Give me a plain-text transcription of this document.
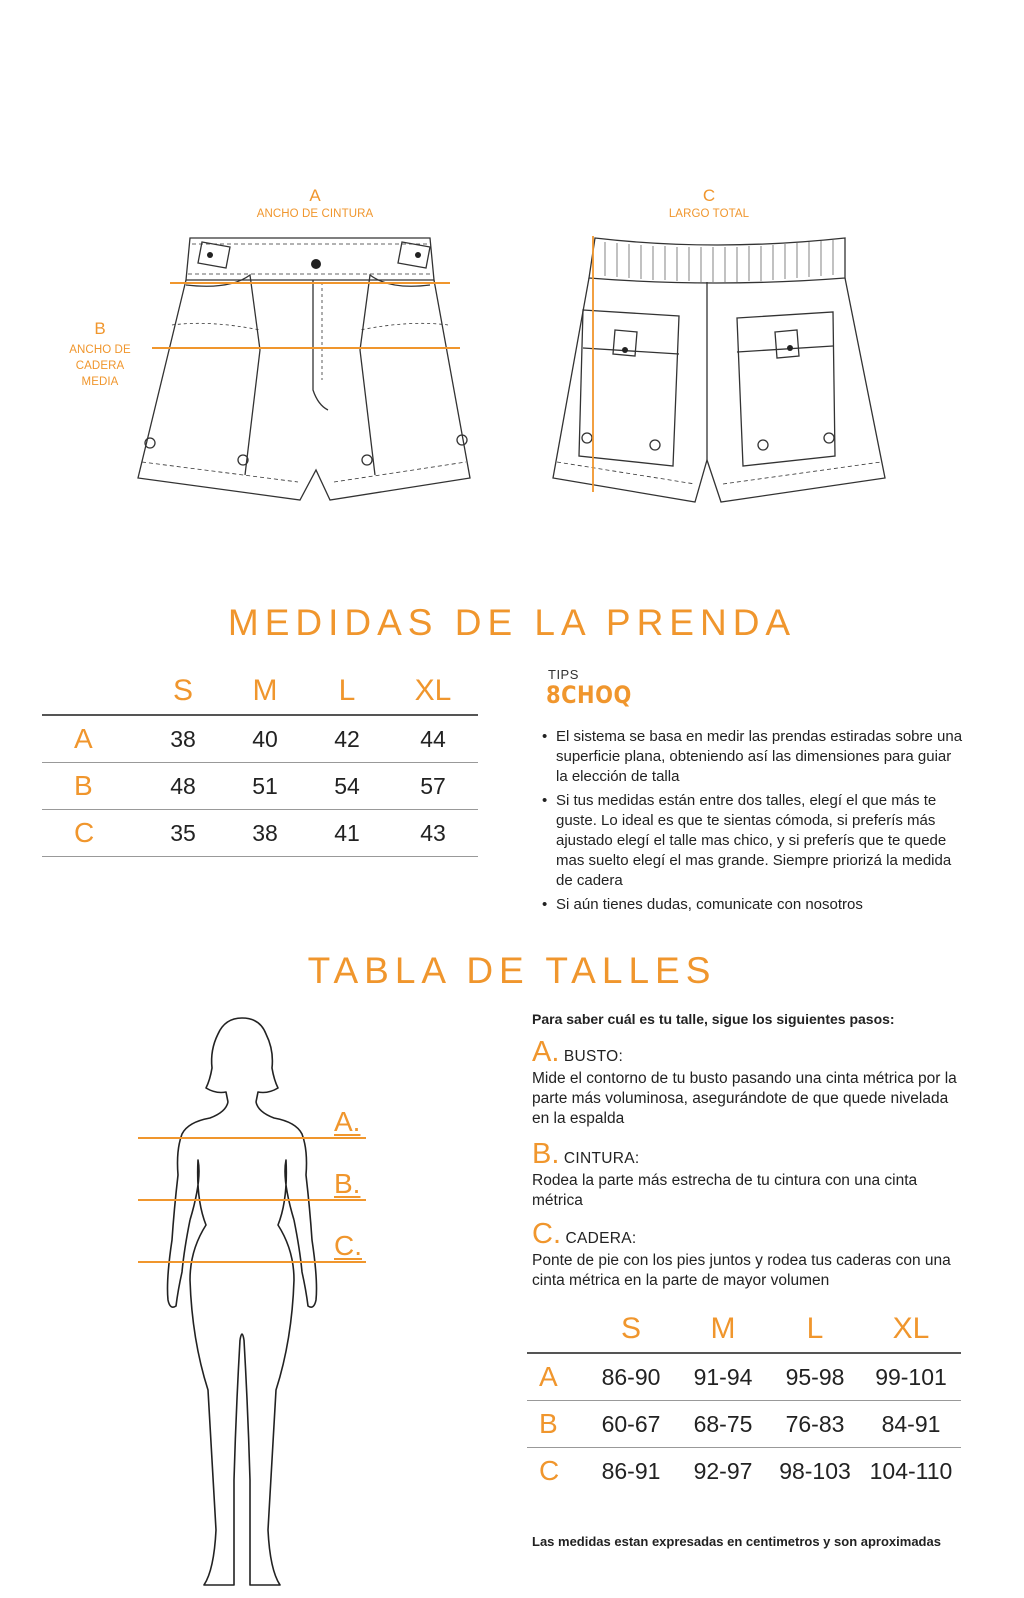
A
ANCHO DE CINTURA
B
ANCHO DE
CADERA
MEDIA
C
LARGO TOTAL
MEDIDAS DE LA PRENDA
	S	M	L	XL
A	38	40	42	44
B	48	51	54	57
C	35	38	41	43
TIPS
8CHOQ
• El sistema se basa en medir las prendas estiradas sobre una superficie plana, obteniendo así las dimensiones para guiar la elección de talla
• Si tus medidas están entre dos talles, elegí el que más te guste. Lo ideal es que te sientas cómoda, si preferís más ajustado elegí el talle mas chico, y si preferís que te quede mas suelto elegí el mas grande. Siempre priorizá la medida de cadera
• Si aún tienes dudas, comunicate con nosotros
TABLA DE TALLES
A.
B.
C.
Para saber cuál es tu talle, sigue los siguientes pasos:
A. BUSTO:
Mide el contorno de tu busto pasando una cinta métrica por la parte más voluminosa, asegurándote de que quede nivelada en la espalda
B. CINTURA:
Rodea la parte más estrecha de tu cintura con una cinta métrica
C. CADERA:
Ponte de pie con los pies juntos y rodea tus caderas con una cinta métrica en la parte de mayor volumen
	S	M	L	XL
A	86-90	91-94	95-98	99-101
B	60-67	68-75	76-83	84-91
C	86-91	92-97	98-103	104-110
Las medidas estan expresadas en centimetros y son aproximadas
